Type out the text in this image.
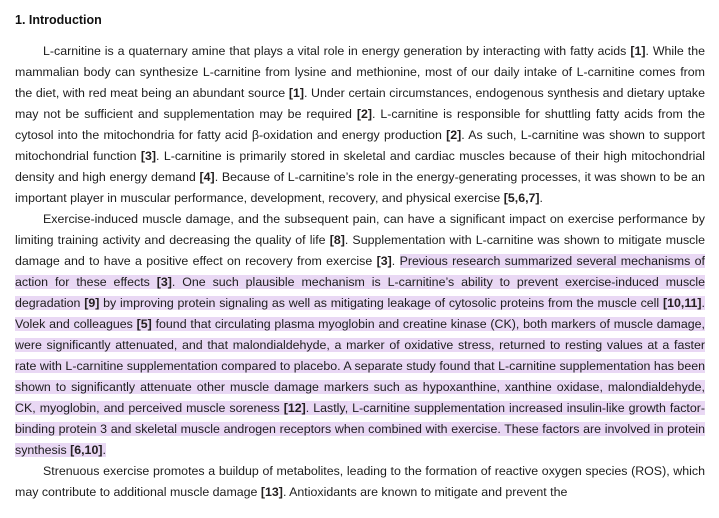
1. Introduction

L-carnitine is a quaternary amine that plays a vital role in energy generation by interacting with fatty acids [1]. While the mammalian body can synthesize L-carnitine from lysine and methionine, most of our daily intake of L-carnitine comes from the diet, with red meat being an abundant source [1]. Under certain circumstances, endogenous synthesis and dietary uptake may not be sufficient and supplementation may be required [2]. L-carnitine is responsible for shuttling fatty acids from the cytosol into the mitochondria for fatty acid β-oxidation and energy production [2]. As such, L-carnitine was shown to support mitochondrial function [3]. L-carnitine is primarily stored in skeletal and cardiac muscles because of their high mitochondrial density and high energy demand [4]. Because of L-carnitine’s role in the energy-generating processes, it was shown to be an important player in muscular performance, development, recovery, and physical exercise [5,6,7].

Exercise-induced muscle damage, and the subsequent pain, can have a significant impact on exercise performance by limiting training activity and decreasing the quality of life [8]. Supplementation with L-carnitine was shown to mitigate muscle damage and to have a positive effect on recovery from exercise [3]. Previous research summarized several mechanisms of action for these effects [3]. One such plausible mechanism is L-carnitine’s ability to prevent exercise-induced muscle degradation [9] by improving protein signaling as well as mitigating leakage of cytosolic proteins from the muscle cell [10,11]. Volek and colleagues [5] found that circulating plasma myoglobin and creatine kinase (CK), both markers of muscle damage, were significantly attenuated, and that malondialdehyde, a marker of oxidative stress, returned to resting values at a faster rate with L-carnitine supplementation compared to placebo. A separate study found that L-carnitine supplementation has been shown to significantly attenuate other muscle damage markers such as hypoxanthine, xanthine oxidase, malondialdehyde, CK, myoglobin, and perceived muscle soreness [12]. Lastly, L-carnitine supplementation increased insulin-like growth factor-binding protein 3 and skeletal muscle androgen receptors when combined with exercise. These factors are involved in protein synthesis [6,10].

Strenuous exercise promotes a buildup of metabolites, leading to the formation of reactive oxygen species (ROS), which may contribute to additional muscle damage [13]. Antioxidants are known to mitigate and prevent the
